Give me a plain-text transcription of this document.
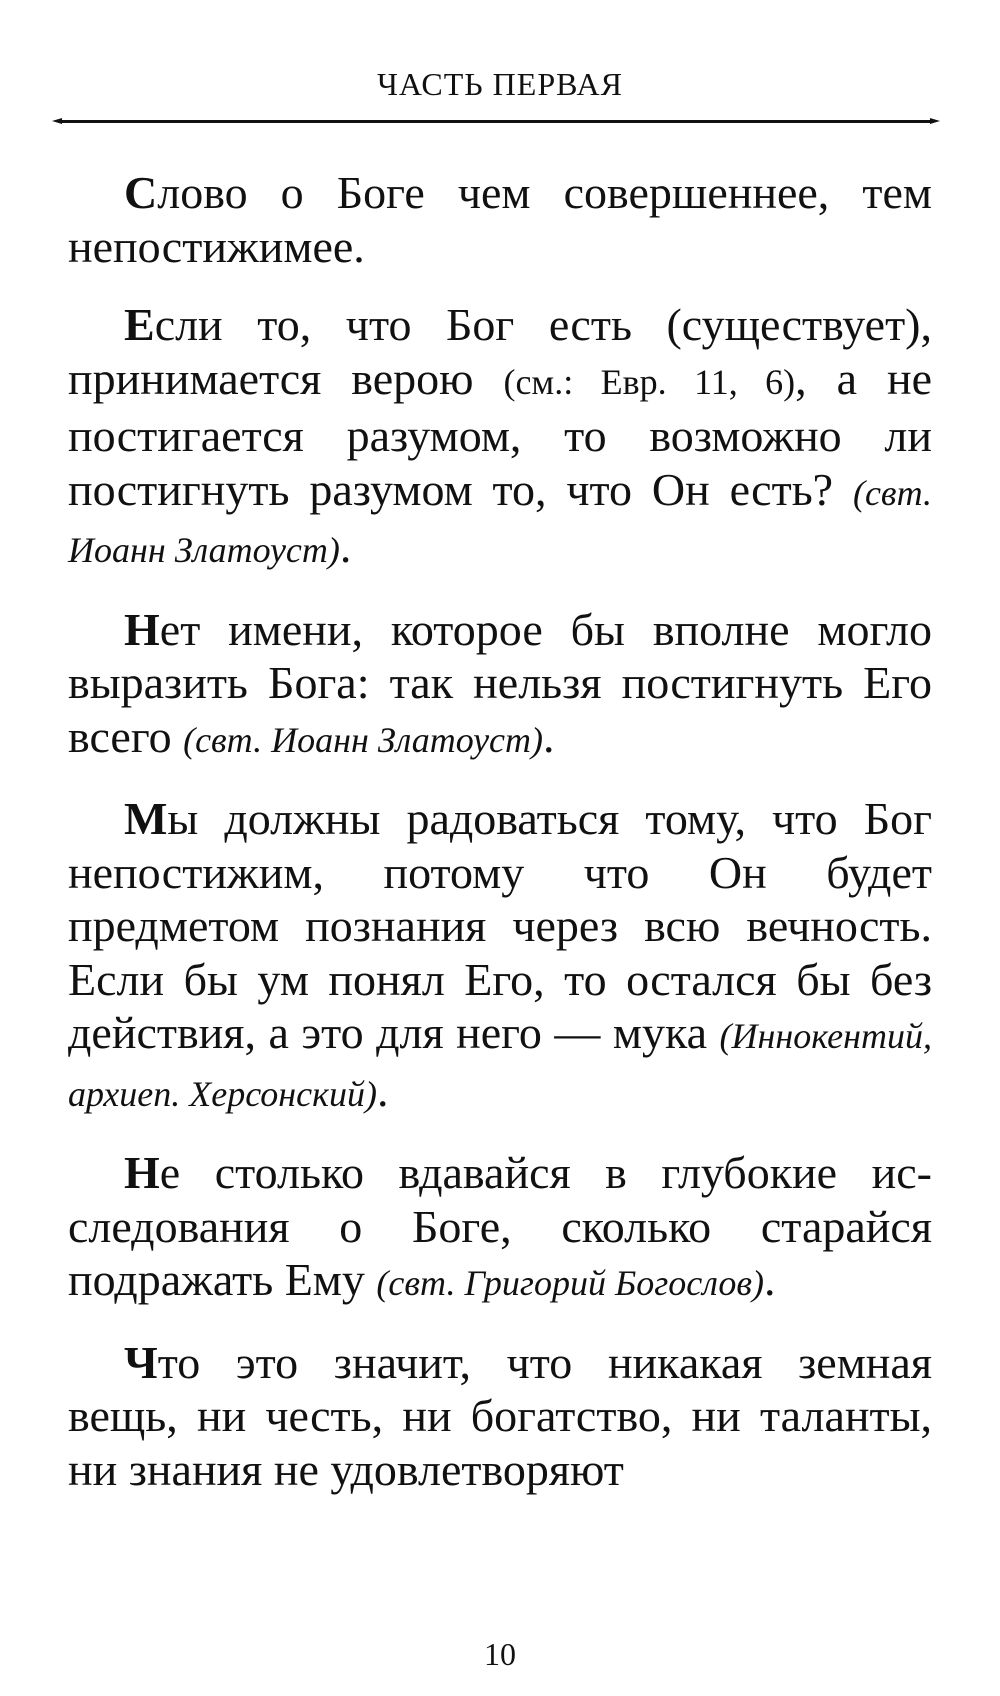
ЧАСТЬ ПЕРВАЯ

Слово о Боге чем совершеннее, тем непостижимее.

Если то, что Бог есть (существует), принимается верою (см.: Евр. 11, 6), а не постигается разумом, то возможно ли постигнуть разумом то, что Он есть? (свт. Иоанн Златоуст).

Нет имени, которое бы вполне могло выразить Бога: так нельзя постигнуть Его всего (свт. Иоанн Златоуст).

Мы должны радоваться тому, что Бог непостижим, потому что Он будет предметом познания через всю вечность. Если бы ум понял Его, то остался бы без действия, а это для него — мука (Иннокентий, архиеп. Херсонский).

Не столько вдавайся в глубокие исследования о Боге, сколько старайся подражать Ему (свт. Григорий Богослов).

Что это значит, что никакая земная вещь, ни честь, ни богатство, ни таланты, ни знания не удовлетворяют

10
